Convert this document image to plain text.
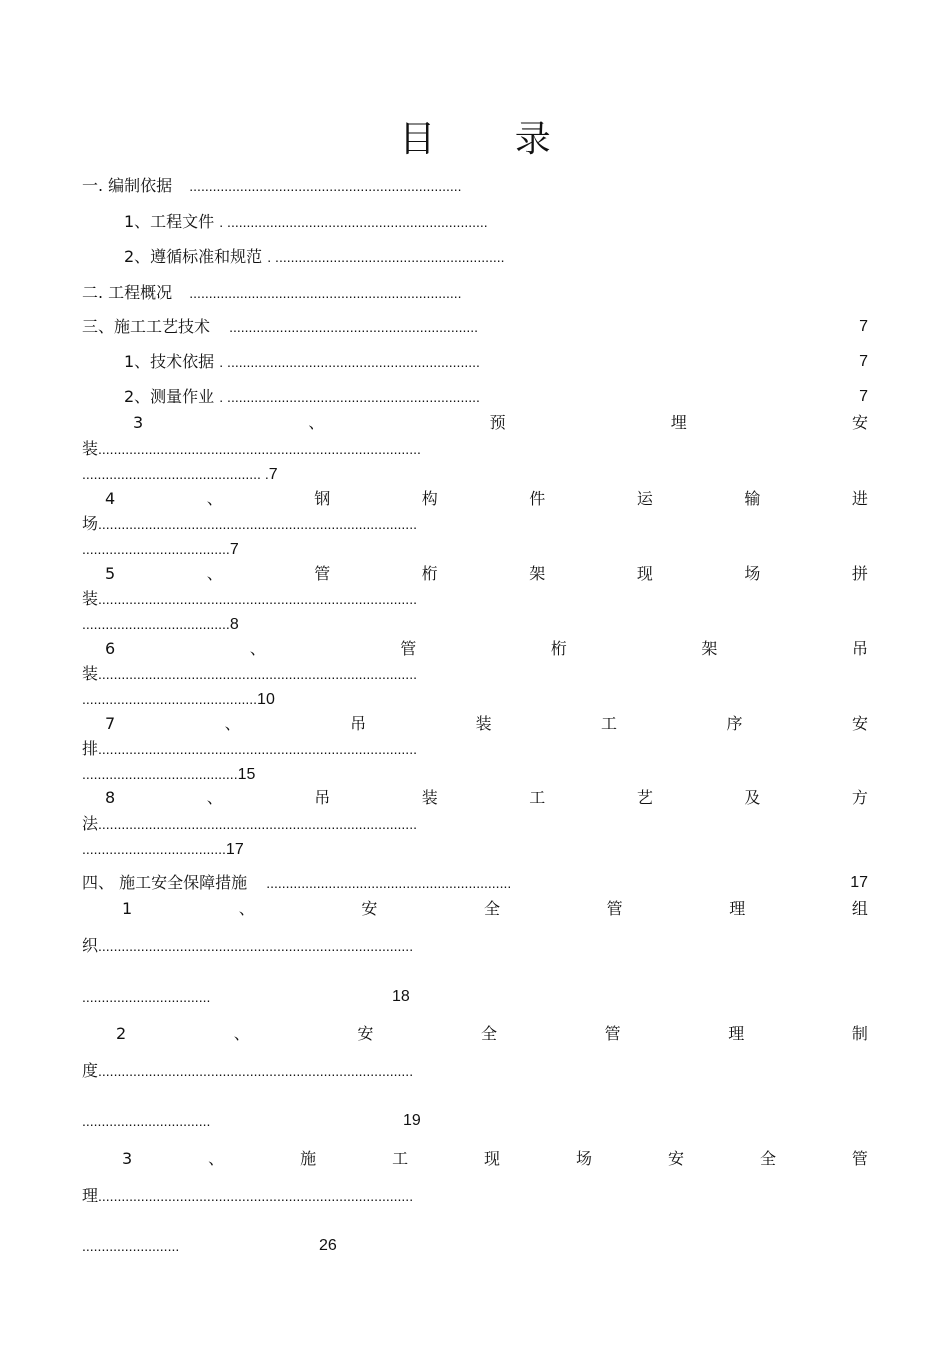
目 录
一. 编制依据 ......................................................................
1、工程文件 . ...................................................................
2、遵循标准和规范 . ...........................................................
二. 工程概况 ......................................................................
三、施工工艺技术 ................................................................	7
1、技术依据 . .................................................................	7
2、测量作业 . .................................................................	7
3	、	预	埋	安
装...................................................................................
.............................................. .7
4	、	钢	构	件	运	输	进
场..................................................................................
......................................7
5	、	管	桁	架	现	场	拼
装..................................................................................
......................................8
6	、	管	桁	架	吊
装..................................................................................
.............................................10
7	、	吊	装	工	序	安
排..................................................................................
........................................15
8	、	吊	装	工	艺	及	方
法..................................................................................
.....................................17
四、 施工安全保障措施 ...............................................................	17
1	、	安	全	管	理	组
织.................................................................................
.................................	18
2	、	安	全	管	理	制
度.................................................................................
.................................	19
3	、	施	工	现	场	安	全	管
理.................................................................................
.........................	26
